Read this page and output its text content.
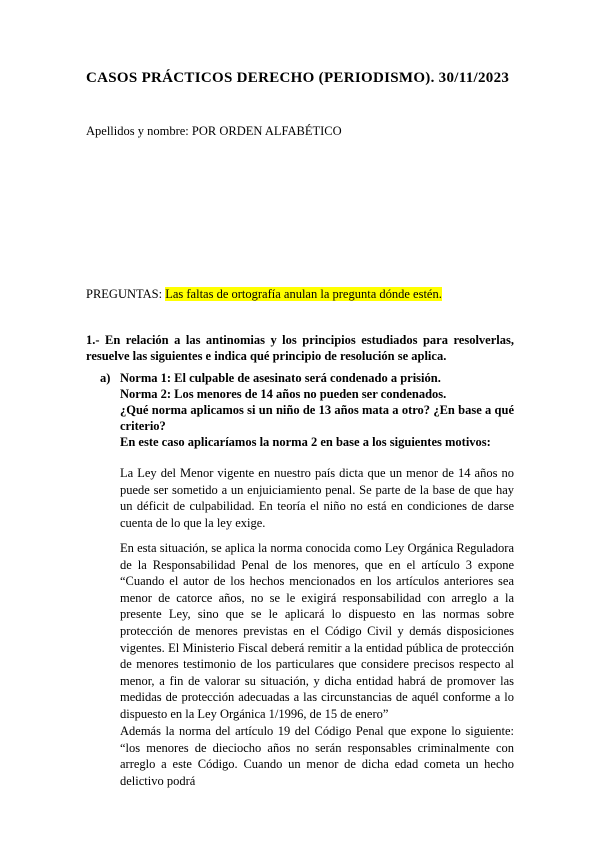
CASOS PRÁCTICOS DERECHO (PERIODISMO). 30/11/2023
Apellidos y nombre: POR ORDEN ALFABÉTICO
PREGUNTAS: Las faltas de ortografía anulan la pregunta dónde estén.
1.- En relación a las antinomias y los principios estudiados para resolverlas, resuelve las siguientes e indica qué principio de resolución se aplica.
a) Norma 1: El culpable de asesinato será condenado a prisión.
Norma 2: Los menores de 14 años no pueden ser condenados.
¿Qué norma aplicamos si un niño de 13 años mata a otro? ¿En base a qué criterio?
En este caso aplicaríamos la norma 2 en base a los siguientes motivos:
La Ley del Menor vigente en nuestro país dicta que un menor de 14 años no puede ser sometido a un enjuiciamiento penal. Se parte de la base de que hay un déficit de culpabilidad. En teoría el niño no está en condiciones de darse cuenta de lo que la ley exige.
En esta situación, se aplica la norma conocida como Ley Orgánica Reguladora de la Responsabilidad Penal de los menores, que en el artículo 3 expone “Cuando el autor de los hechos mencionados en los artículos anteriores sea menor de catorce años, no se le exigirá responsabilidad con arreglo a la presente Ley, sino que se le aplicará lo dispuesto en las normas sobre protección de menores previstas en el Código Civil y demás disposiciones vigentes. El Ministerio Fiscal deberá remitir a la entidad pública de protección de menores testimonio de los particulares que considere precisos respecto al menor, a fin de valorar su situación, y dicha entidad habrá de promover las medidas de protección adecuadas a las circunstancias de aquél conforme a lo dispuesto en la Ley Orgánica 1/1996, de 15 de enero”
Además la norma del artículo 19 del Código Penal que expone lo siguiente: “los menores de dieciocho años no serán responsables criminalmente con arreglo a este Código. Cuando un menor de dicha edad cometa un hecho delictivo podrá
